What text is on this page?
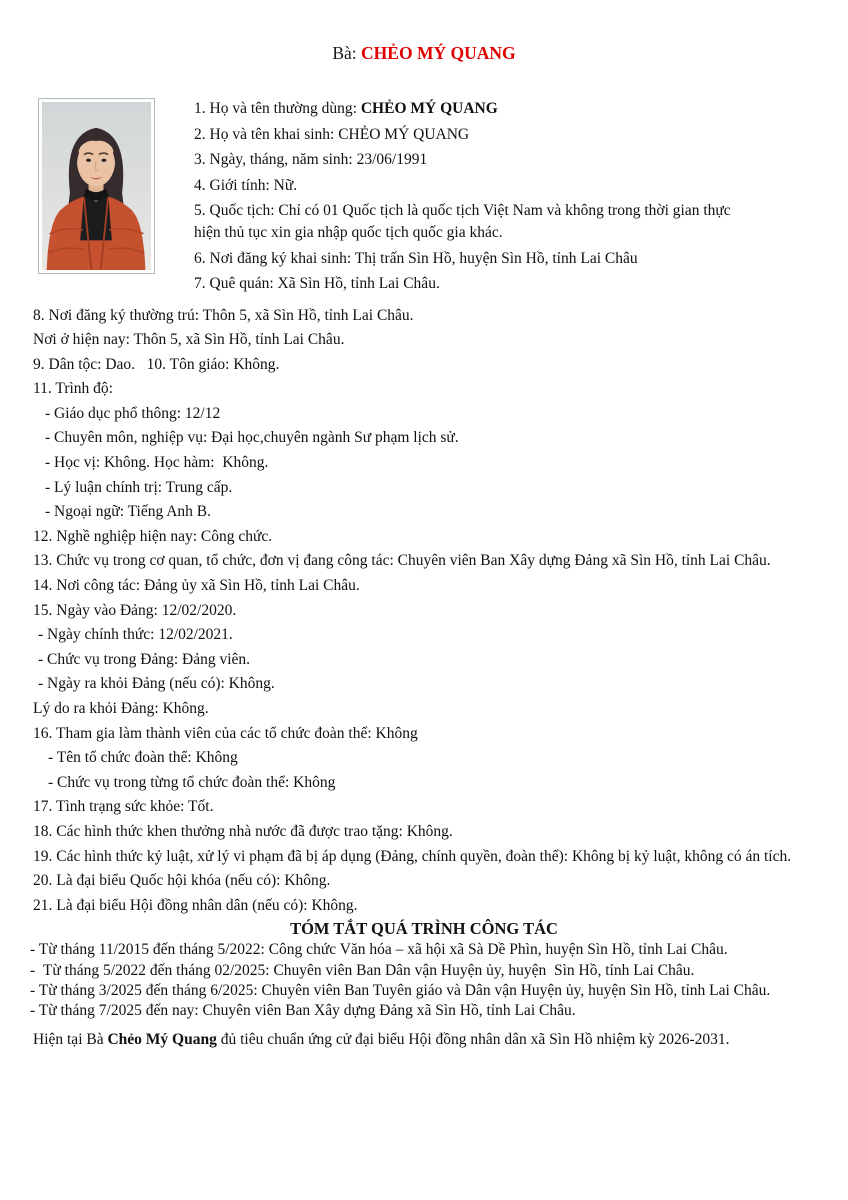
Bà: CHẺO MÝ QUANG
1. Họ và tên thường dùng: CHẺO MÝ QUANG
2. Họ và tên khai sinh: CHẺO MÝ QUANG
3. Ngày, tháng, năm sinh: 23/06/1991
4. Giới tính: Nữ.
5. Quốc tịch: Chỉ có 01 Quốc tịch là quốc tịch Việt Nam và không trong thời gian thực hiện thủ tục xin gia nhập quốc tịch quốc gia khác.
6. Nơi đăng ký khai sinh: Thị trấn Sìn Hồ, huyện Sìn Hồ, tỉnh Lai Châu
7. Quê quán: Xã Sìn Hồ, tỉnh Lai Châu.
8. Nơi đăng ký thường trú: Thôn 5, xã Sìn Hồ, tỉnh Lai Châu.
Nơi ở hiện nay: Thôn 5, xã Sìn Hồ, tỉnh Lai Châu.
9. Dân tộc: Dao.   10. Tôn giáo: Không.
11. Trình độ:
- Giáo dục phổ thông: 12/12
- Chuyên môn, nghiệp vụ: Đại học,chuyên ngành Sư phạm lịch sử.
- Học vị: Không. Học hàm:  Không.
- Lý luận chính trị: Trung cấp.
- Ngoại ngữ: Tiếng Anh B.
12. Nghề nghiệp hiện nay: Công chức.
13. Chức vụ trong cơ quan, tổ chức, đơn vị đang công tác: Chuyên viên Ban Xây dựng Đảng xã Sìn Hồ, tỉnh Lai Châu.
14. Nơi công tác: Đảng ủy xã Sìn Hồ, tỉnh Lai Châu.
15. Ngày vào Đảng: 12/02/2020.
- Ngày chính thức: 12/02/2021.
- Chức vụ trong Đảng: Đảng viên.
- Ngày ra khỏi Đảng (nếu có): Không.
Lý do ra khỏi Đảng: Không.
16. Tham gia làm thành viên của các tổ chức đoàn thể: Không
- Tên tổ chức đoàn thể: Không
- Chức vụ trong từng tổ chức đoàn thể: Không
17. Tình trạng sức khỏe: Tốt.
18. Các hình thức khen thưởng nhà nước đã được trao tặng: Không.
19. Các hình thức kỷ luật, xử lý vi phạm đã bị áp dụng (Đảng, chính quyền, đoàn thể): Không bị kỷ luật, không có án tích.
20. Là đại biểu Quốc hội khóa (nếu có): Không.
21. Là đại biểu Hội đồng nhân dân (nếu có): Không.
TÓM TẮT QUÁ TRÌNH CÔNG TÁC
- Từ tháng 11/2015 đến tháng 5/2022: Công chức Văn hóa – xã hội xã Sà Dề Phìn, huyện Sìn Hồ, tỉnh Lai Châu.
-  Từ tháng 5/2022 đến tháng 02/2025: Chuyên viên Ban Dân vận Huyện ủy, huyện  Sìn Hồ, tỉnh Lai Châu.
- Từ tháng 3/2025 đến tháng 6/2025: Chuyên viên Ban Tuyên giáo và Dân vận Huyện ủy, huyện Sìn Hồ, tỉnh Lai Châu.
- Từ tháng 7/2025 đến nay: Chuyên viên Ban Xây dựng Đảng xã Sìn Hồ, tỉnh Lai Châu.
Hiện tại Bà Chẻo Mý Quang đủ tiêu chuẩn ứng cử đại biểu Hội đồng nhân dân xã Sìn Hồ nhiệm kỳ 2026-2031.
